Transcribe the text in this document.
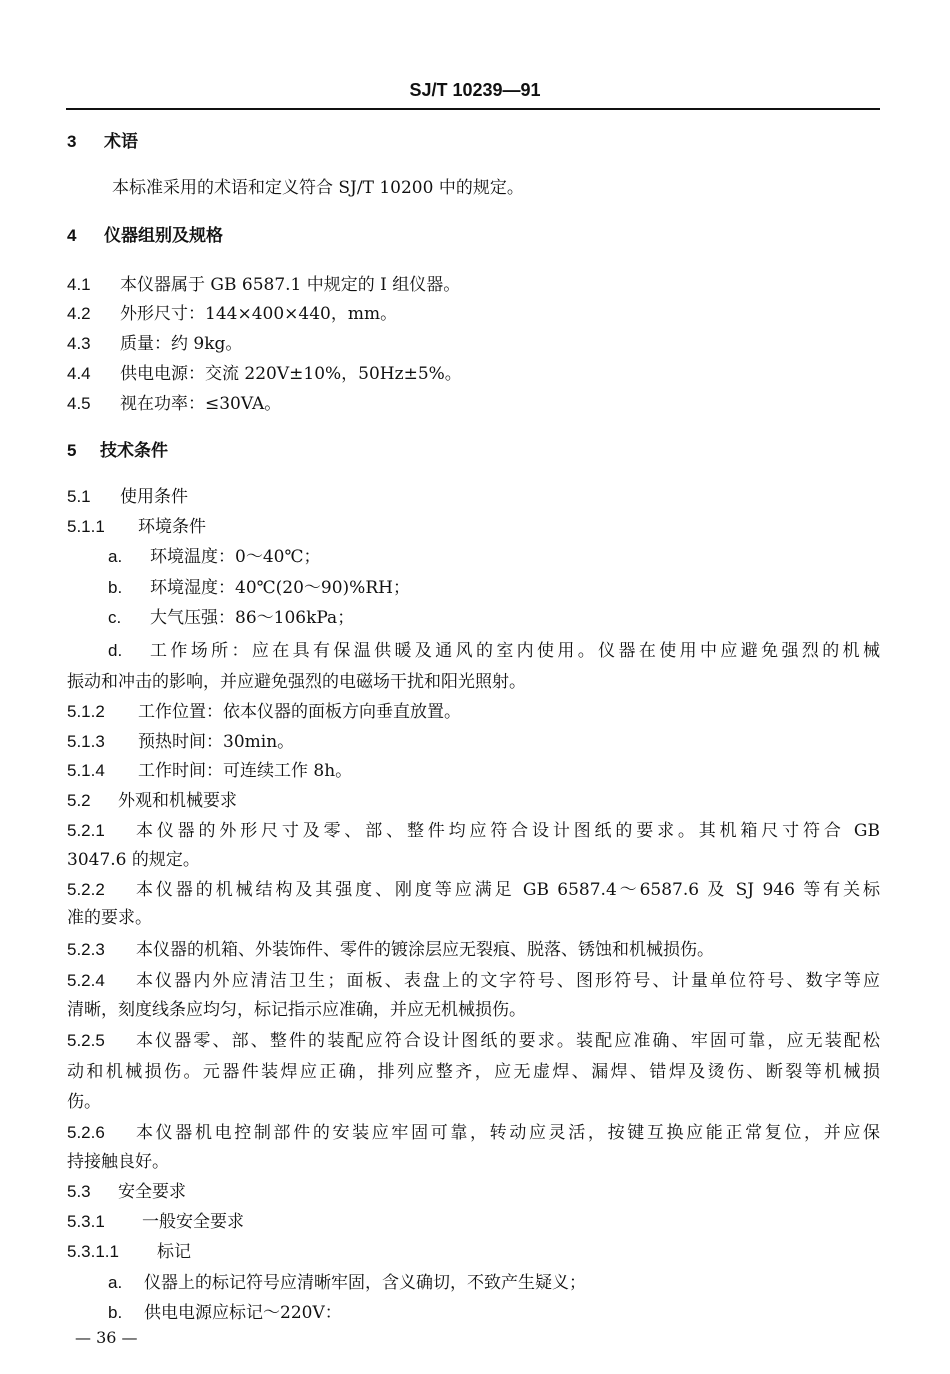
SJ/T 10239—91
3 术语
本标准采用的术语和定义符合 SJ/T 10200 中的规定。
4 仪器组别及规格
4.1 本仪器属于 GB 6587.1 中规定的 Ⅰ 组仪器。
4.2 外形尺寸：144×400×440，mm。
4.3 质量：约 9kg。
4.4 供电电源：交流 220V±10%，50Hz±5%。
4.5 视在功率：≤30VA。
5 技术条件
5.1 使用条件
5.1.1 环境条件
a. 环境温度：0～40℃；
b. 环境湿度：40℃(20～90)%RH；
c. 大气压强：86～106kPa；
d. 工作场所：应在具有保温供暖及通风的室内使用。仪器在使用中应避免强烈的机械
振动和冲击的影响，并应避免强烈的电磁场干扰和阳光照射。
5.1.2 工作位置：依本仪器的面板方向垂直放置。
5.1.3 预热时间：30min。
5.1.4 工作时间：可连续工作 8h。
5.2 外观和机械要求
5.2.1 本仪器的外形尺寸及零、部、整件均应符合设计图纸的要求。其机箱尺寸符合 GB
3047.6 的规定。
5.2.2 本仪器的机械结构及其强度、刚度等应满足 GB 6587.4～6587.6 及 SJ 946 等有关标
准的要求。
5.2.3 本仪器的机箱、外装饰件、零件的镀涂层应无裂痕、脱落、锈蚀和机械损伤。
5.2.4 本仪器内外应清洁卫生；面板、表盘上的文字符号、图形符号、计量单位符号、数字等应
清晰，刻度线条应均匀，标记指示应准确，并应无机械损伤。
5.2.5 本仪器零、部、整件的装配应符合设计图纸的要求。装配应准确、牢固可靠，应无装配松
动和机械损伤。元器件装焊应正确，排列应整齐，应无虚焊、漏焊、错焊及烫伤、断裂等机械损
伤。
5.2.6 本仪器机电控制部件的安装应牢固可靠，转动应灵活，按键互换应能正常复位，并应保
持接触良好。
5.3 安全要求
5.3.1 一般安全要求
5.3.1.1 标记
a. 仪器上的标记符号应清晰牢固，含义确切，不致产生疑义；
b. 供电电源应标记～220V：
— 36 —
